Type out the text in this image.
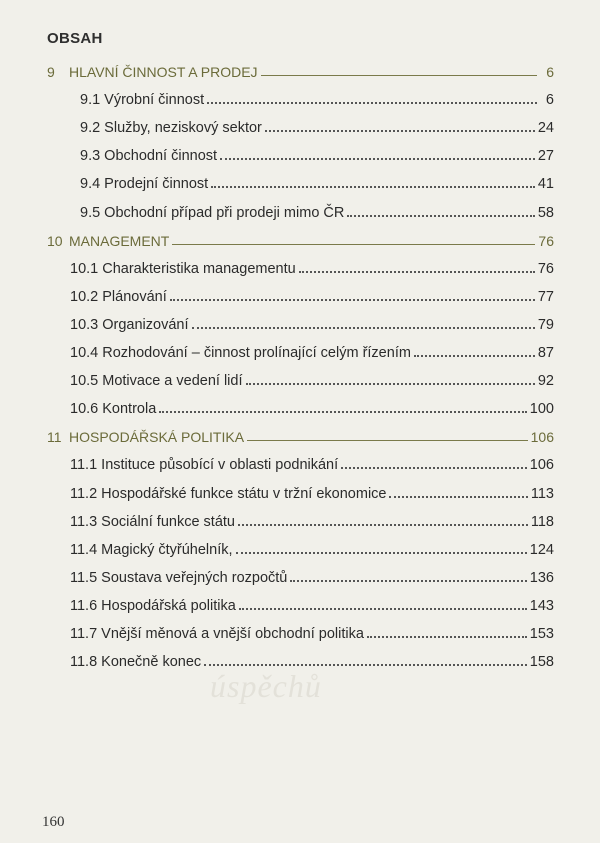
úspěchů
OBSAH
9	HLAVNÍ ČINNOST A PRODEJ	6
9.1 Výrobní činnost	6
9.2 Služby, neziskový sektor	24
9.3 Obchodní činnost	27
9.4 Prodejní činnost	41
9.5 Obchodní případ při prodeji mimo ČR	58
10 MANAGEMENT	76
10.1 Charakteristika managementu	76
10.2 Plánování	77
10.3 Organizování	79
10.4 Rozhodování – činnost prolínající celým řízením	87
10.5 Motivace a vedení lidí	92
10.6 Kontrola	100
11 HOSPODÁŘSKÁ POLITIKA	106
11.1 Instituce působící v oblasti podnikání	106
11.2 Hospodářské funkce státu v tržní ekonomice	113
11.3 Sociální funkce státu	118
11.4 Magický čtyřúhelník,	124
11.5 Soustava veřejných rozpočtů	136
11.6 Hospodářská politika	143
11.7 Vnější měnová a vnější obchodní politika	153
11.8 Konečně konec	158
160
